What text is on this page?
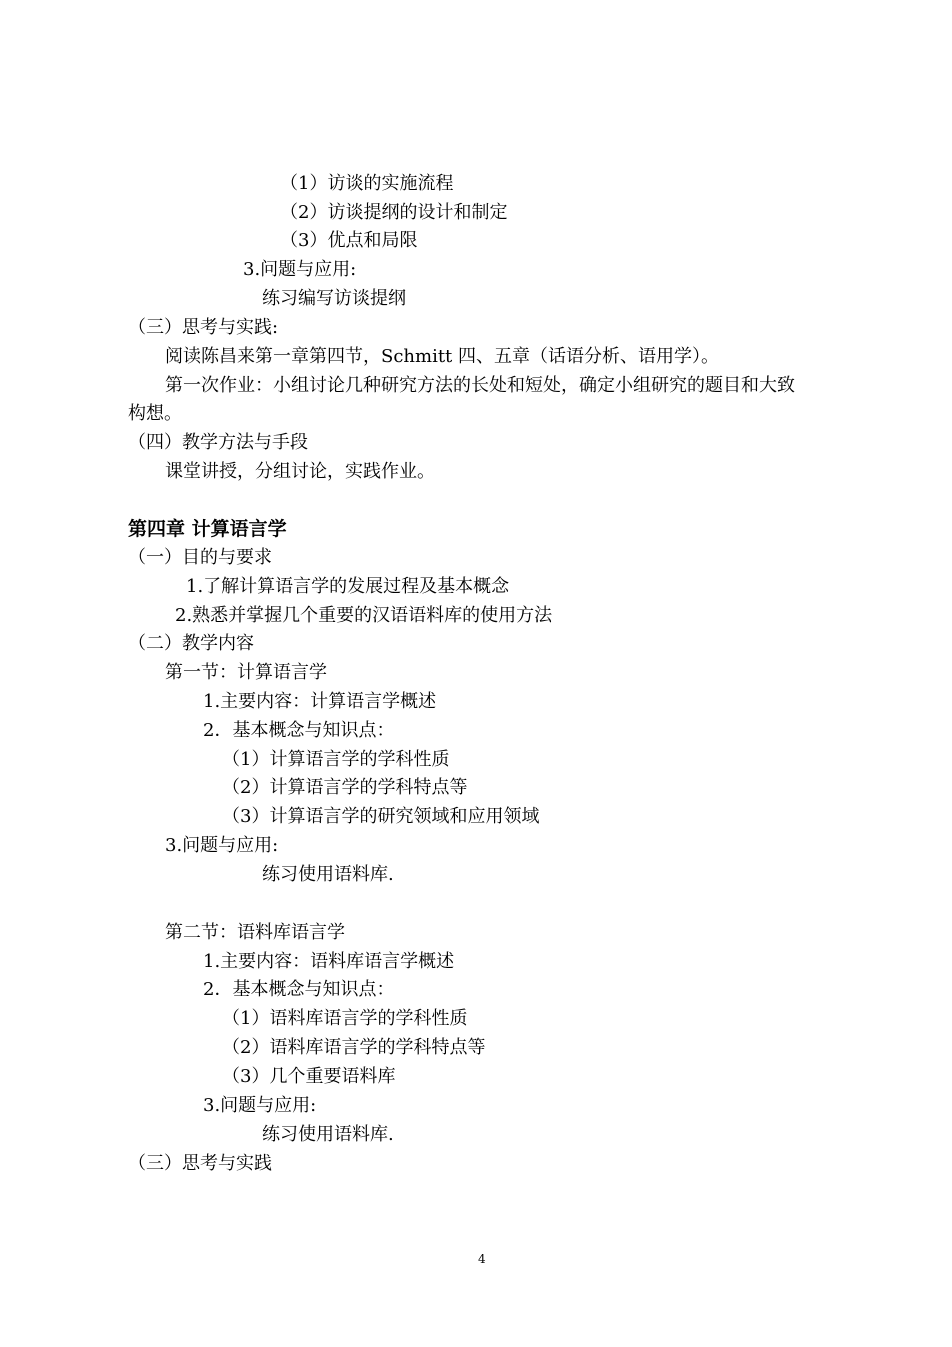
（1）访谈的实施流程
（2）访谈提纲的设计和制定
（3）优点和局限
3.问题与应用:
练习编写访谈提纲
（三）思考与实践:
阅读陈昌来第一章第四节，Schmitt 四、五章（话语分析、语用学）。
第一次作业：小组讨论几种研究方法的长处和短处，确定小组研究的题目和大致
构想。
（四）教学方法与手段
课堂讲授，分组讨论，实践作业。
第四章 计算语言学
（一）目的与要求
1.了解计算语言学的发展过程及基本概念
2.熟悉并掌握几个重要的汉语语料库的使用方法
（二）教学内容
第一节：计算语言学
1.主要内容：计算语言学概述
2．基本概念与知识点：
（1）计算语言学的学科性质
（2）计算语言学的学科特点等
（3）计算语言学的研究领域和应用领域
3.问题与应用:
练习使用语料库.
第二节：语料库语言学
1.主要内容：语料库语言学概述
2．基本概念与知识点：
（1）语料库语言学的学科性质
（2）语料库语言学的学科特点等
（3）几个重要语料库
3.问题与应用:
练习使用语料库.
（三）思考与实践
4
